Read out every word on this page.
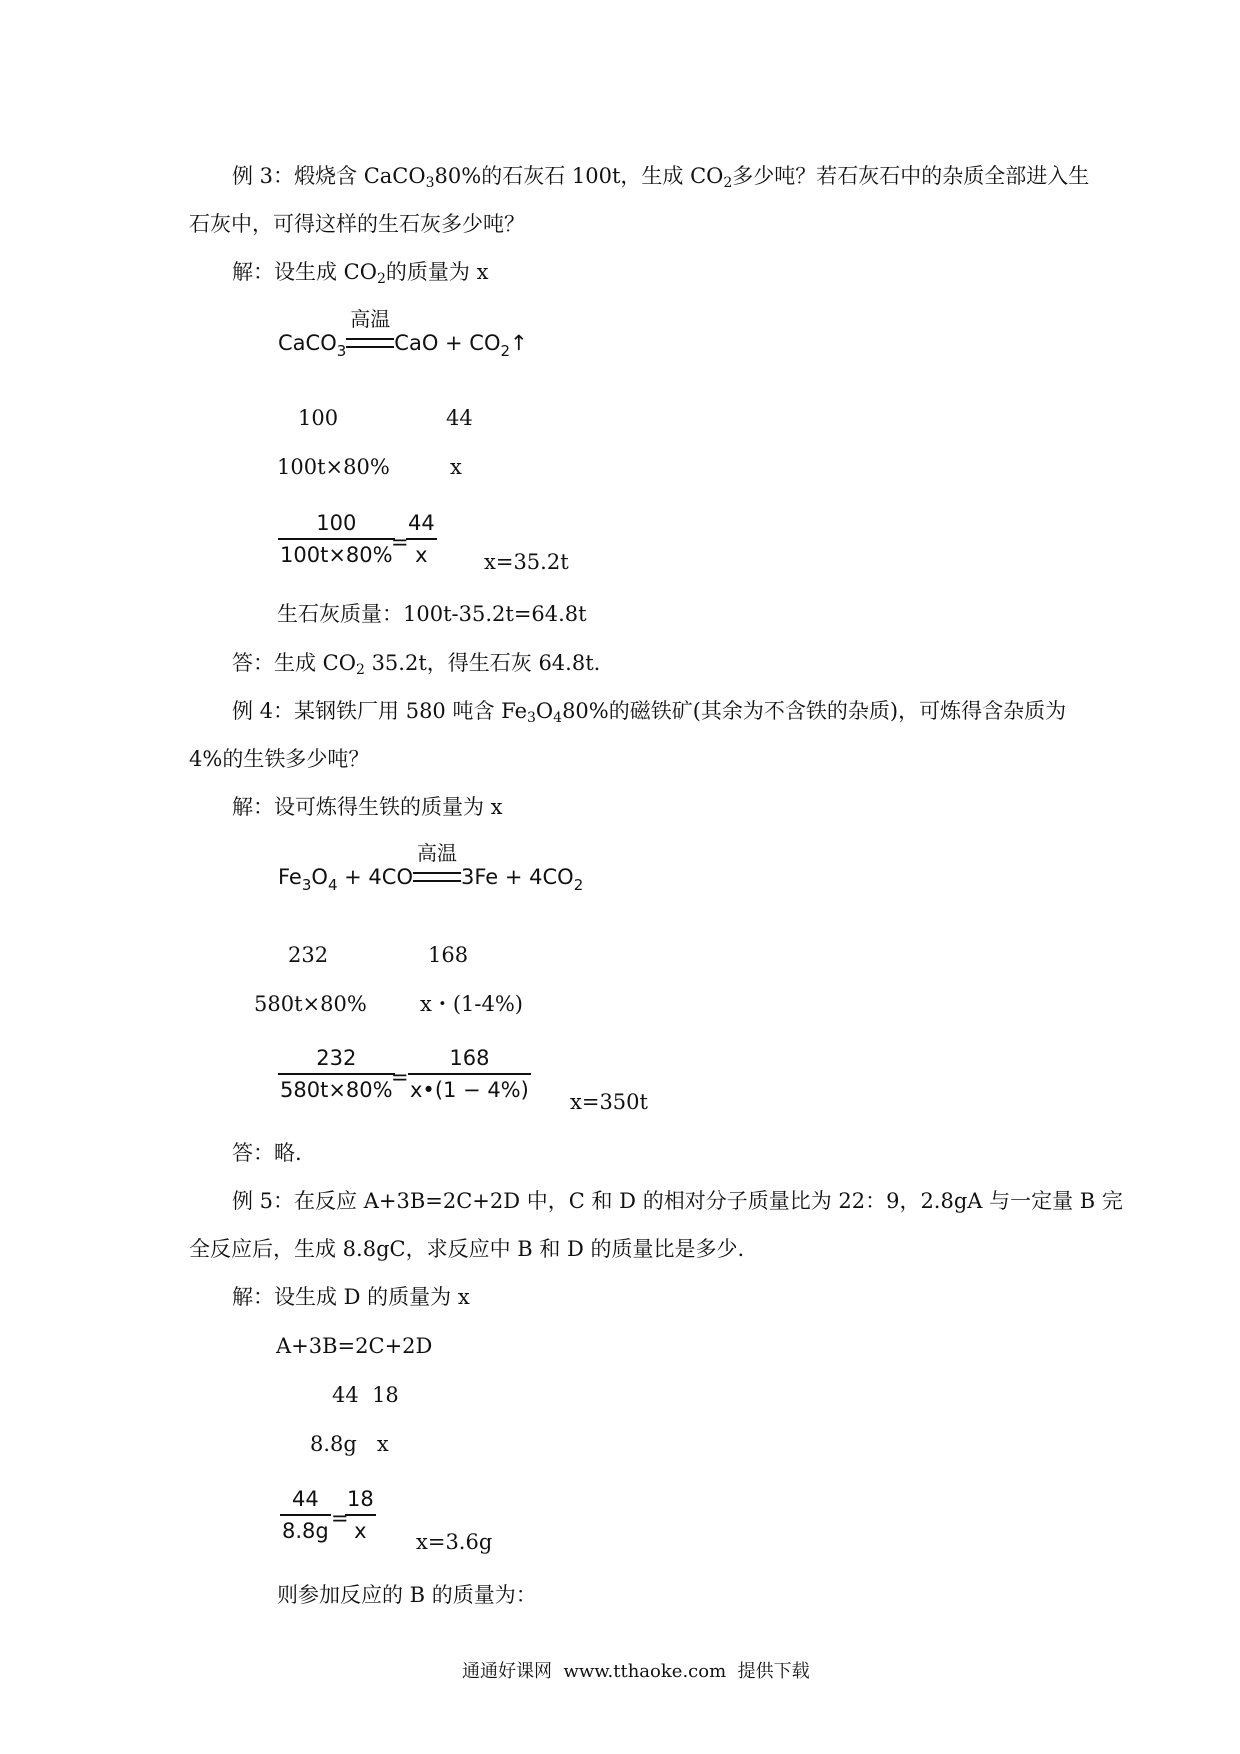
例 3：煅烧含 CaCO$_3$80%的石灰石 100t，生成 $CO_2$多少吨？若石灰石中的杂质全部进入生
石灰中，可得这样的生石灰多少吨？
解：设生成 $CO_2$的质量为 x
CaCO$_3$
高温
CaO + $CO_2↑$
100	44
100t×80%	x
100
100t×80%
=
44
x	x=35.2t
生石灰质量：100t-35.2t=64.8t
答：生成 $CO_2$ 35.2t，得生石灰 64.8t.
例 4：某钢铁厂用 580 吨含 $Fe_3O_480\%$的磁铁矿(其余为不含铁的杂质)，可炼得含杂质为
4%的生铁多少吨？
解：设可炼得生铁的质量为 x
$Fe_3O_4 + 4CO$
高温
$3Fe + 4CO_2$
232	168
580t×80%	x・(1-4%)
232
580t×80%
=
168
x•(1 − 4%) x=350t
答：略.
例 5：在反应 A+3B=2C+2D 中，C 和 D 的相对分子质量比为 22：9，2.8gA 与一定量 B 完
全反应后，生成 8.8gC，求反应中 B 和 D 的质量比是多少.
解：设生成 D 的质量为 x
A+3B=2C+2D
44  18
8.8g   x
44
8.8g
=
18
x x=3.6g
则参加反应的 B 的质量为：
通通好课网  www.tthaoke.com  提供下载
